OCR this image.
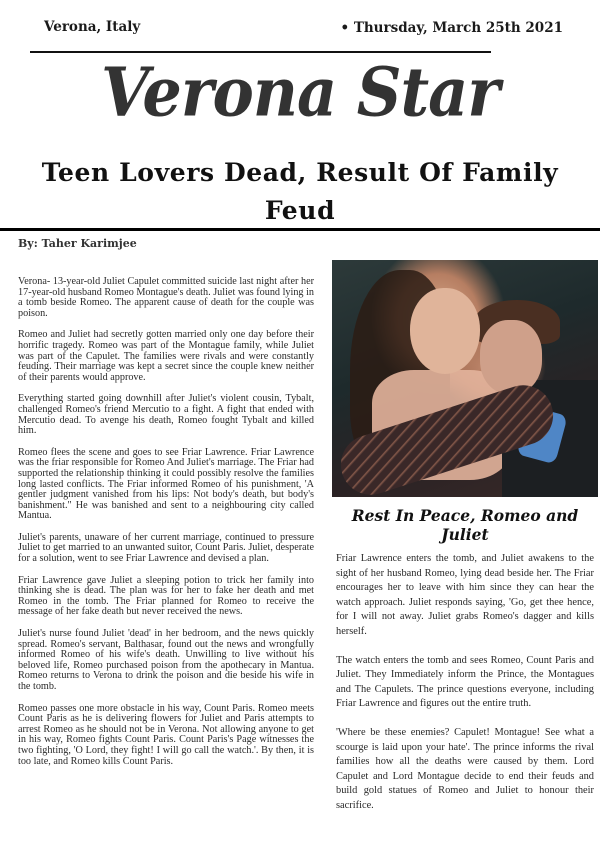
Verona, Italy	• Thursday, March 25th 2021
Verona Star
Teen Lovers Dead, Result Of Family Feud
By: Taher Karimjee

Verona- 13-year-old Juliet Capulet committed suicide last night after her 17-year-old husband Romeo Montague's death. Juliet was found lying in a tomb beside Romeo. The apparent cause of death for the couple was poison.

Romeo and Juliet had secretly gotten married only one day before their horrific tragedy. Romeo was part of the Montague family, while Juliet was part of the Capulet. The families were rivals and were constantly feuding. Their marriage was kept a secret since the couple knew neither of their parents would approve.

Everything started going downhill after Juliet's violent cousin, Tybalt, challenged Romeo's friend Mercutio to a fight. A fight that ended with Mercutio dead. To avenge his death, Romeo fought Tybalt and killed him.

Romeo flees the scene and goes to see Friar Lawrence. Friar Lawrence was the friar responsible for Romeo And Juliet's marriage. The Friar had supported the relationship thinking it could possibly resolve the families long lasted conflicts. The Friar informed Romeo of his punishment, 'A gentler judgment vanished from his lips: Not body's death, but body's banishment." He was banished and sent to a neighbouring city called Mantua.

Juliet's parents, unaware of her current marriage, continued to pressure Juliet to get married to an unwanted suitor, Count Paris. Juliet, desperate for a solution, went to see Friar Lawrence and devised a plan.

Friar Lawrence gave Juliet a sleeping potion to trick her family into thinking she is dead. The plan was for her to fake her death and met Romeo in the tomb. The Friar planned for Romeo to receive the message of her fake death but never received the news.

Juliet's nurse found Juliet 'dead' in her bedroom, and the news quickly spread. Romeo's servant, Balthasar, found out the news and wrongfully informed Romeo of his wife's death. Unwilling to live without his beloved life, Romeo purchased poison from the apothecary in Mantua. Romeo returns to Verona to drink the poison and die beside his wife in the tomb.

Romeo passes one more obstacle in his way, Count Paris. Romeo meets Count Paris as he is delivering flowers for Juliet and Paris attempts to arrest Romeo as he should not be in Verona. Not allowing anyone to get in his way, Romeo fights Count Paris. Count Paris's Page witnesses the two fighting, 'O Lord, they fight! I will go call the watch.'. By then, it is too late, and Romeo kills Count Paris.

Rest In Peace, Romeo and Juliet

Friar Lawrence enters the tomb, and Juliet awakens to the sight of her husband Romeo, lying dead beside her. The Friar encourages her to leave with him since they can hear the watch approach. Juliet responds saying, 'Go, get thee hence, for I will not away. Juliet grabs Romeo's dagger and kills herself.

The watch enters the tomb and sees Romeo, Count Paris and Juliet. They Immediately inform the Prince, the Montagues and The Capulets. The prince questions everyone, including Friar Lawrence and figures out the entire truth.

'Where be these enemies? Capulet! Montague! See what a scourge is laid upon your hate'. The prince informs the rival families how all the deaths were caused by them. Lord Capulet and Lord Montague decide to end their feuds and build gold statues of Romeo and Juliet to honour their sacrifice.
